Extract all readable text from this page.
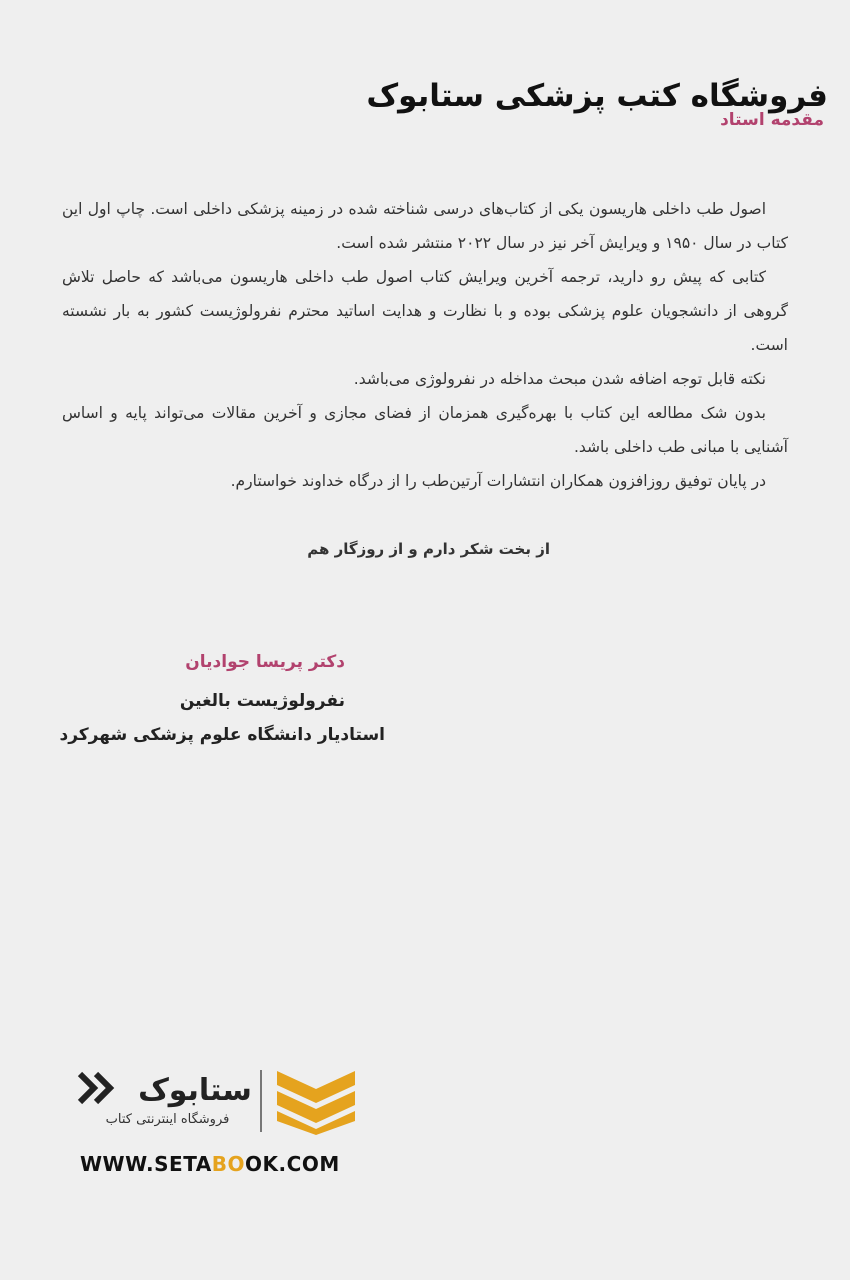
فروشگاه کتب پزشکی ستابوک
مقدمه استاد

اصول طب داخلی هاریسون یکی از کتاب‌های درسی شناخته شده در زمینه پزشکی داخلی است. چاپ اول این کتاب در سال ۱۹۵۰ و ویرایش آخر نیز در سال ۲۰۲۲ منتشر شده است.

کتابی که پیش رو دارید، ترجمه آخرین ویرایش کتاب اصول طب داخلی هاریسون می‌باشد که حاصل تلاش گروهی از دانشجویان علوم پزشکی بوده و با نظارت و هدایت اساتید محترم نفرولوژیست کشور به بار نشسته است.

نکته قابل توجه اضافه شدن مبحث مداخله در نفرولوژی می‌باشد.

بدون شک مطالعه این کتاب با بهره‌گیری همزمان از فضای مجازی و آخرین مقالات می‌تواند پایه و اساس آشنایی با مبانی طب داخلی باشد.

در پایان توفیق روزافزون همکاران انتشارات آرتین‌طب را از درگاه خداوند خواستارم.

از بخت شکر دارم و از روزگار هم
دکتر پریسا جوادیان
نفرولوژیست بالغین
استادیار دانشگاه علوم پزشکی شهرکرد
ستابوک
فروشگاه اینترنتی کتاب
WWW.SETABOOK.COM
